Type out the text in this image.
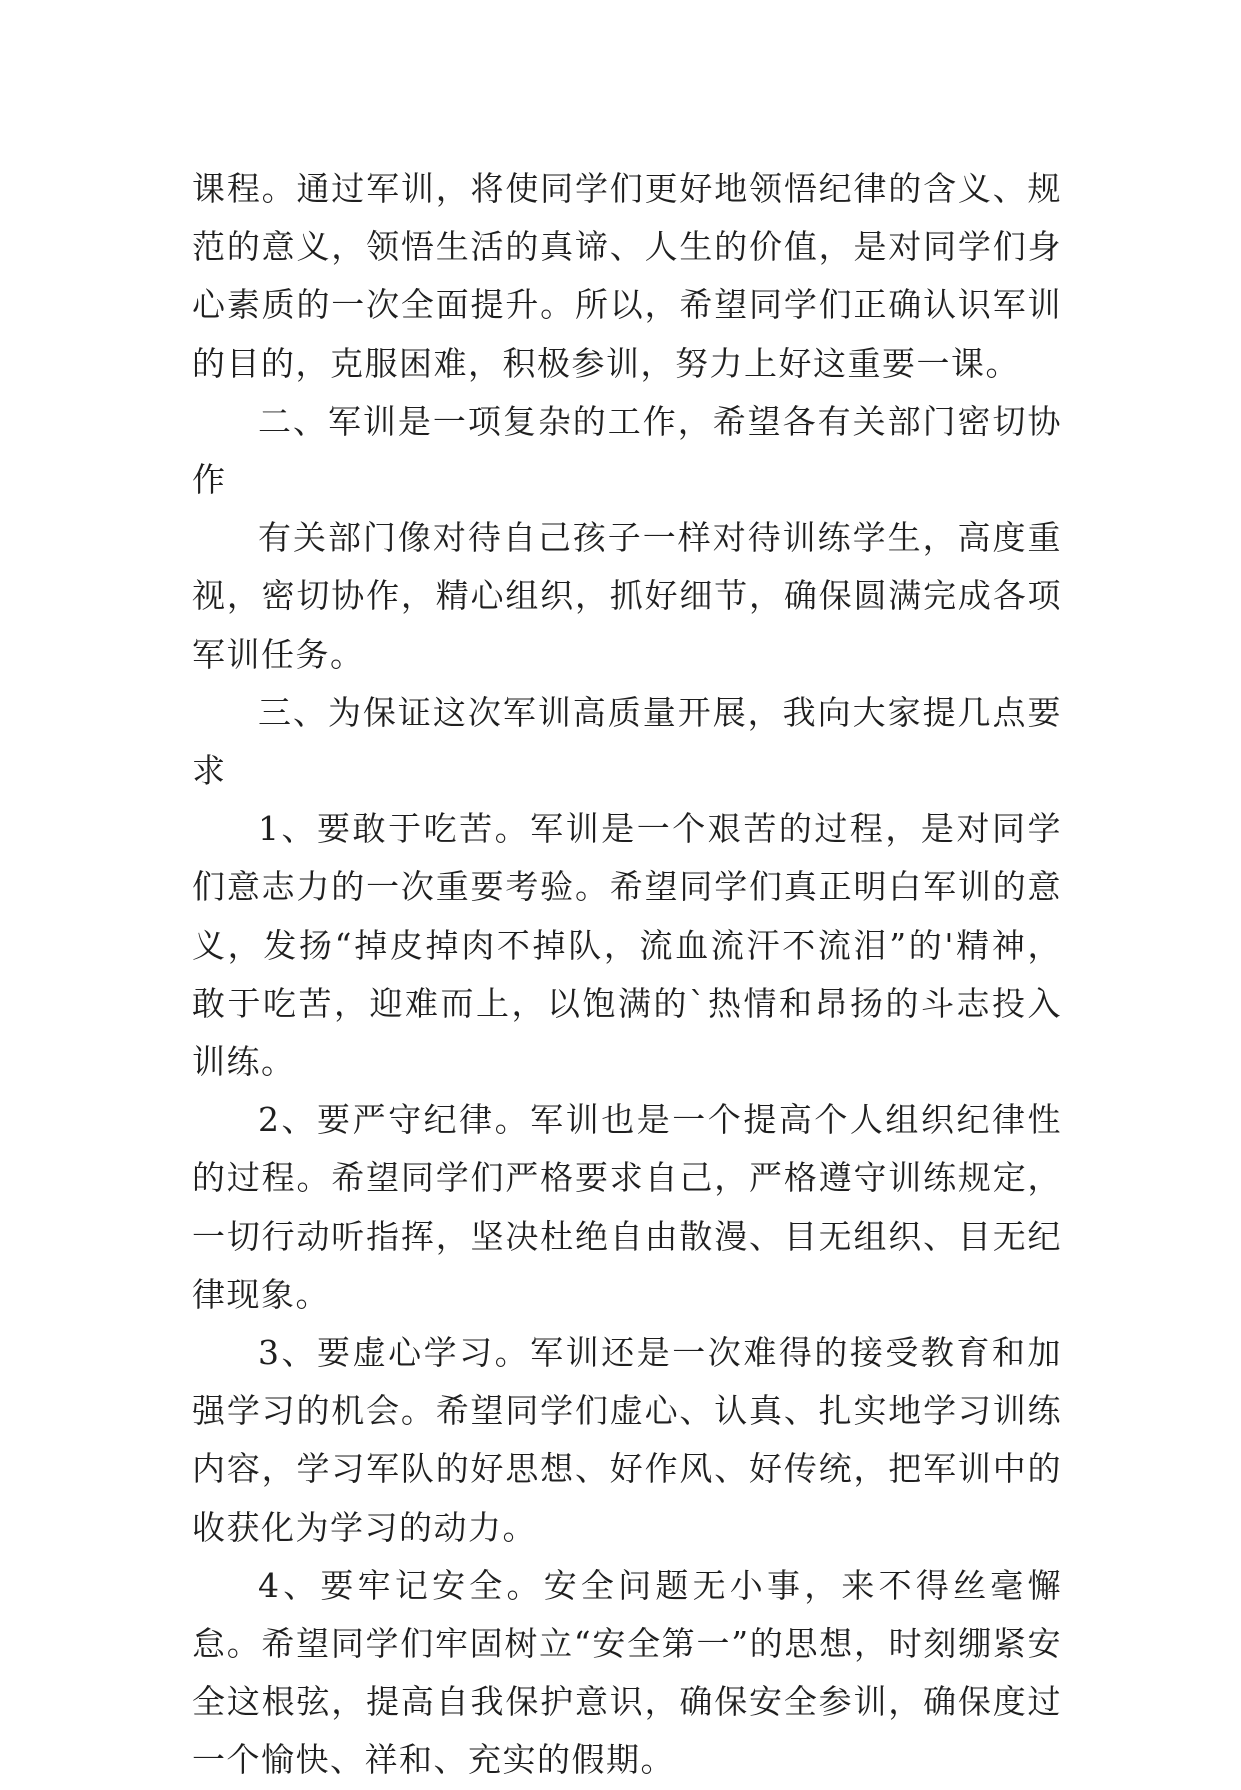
课程。通过军训，将使同学们更好地领悟纪律的含义、规范的意义，领悟生活的真谛、人生的价值，是对同学们身心素质的一次全面提升。所以，希望同学们正确认识军训的目的，克服困难，积极参训，努力上好这重要一课。

二、军训是一项复杂的工作，希望各有关部门密切协作

有关部门像对待自己孩子一样对待训练学生，高度重视，密切协作，精心组织，抓好细节，确保圆满完成各项军训任务。

三、为保证这次军训高质量开展，我向大家提几点要求

1、要敢于吃苦。军训是一个艰苦的过程，是对同学们意志力的一次重要考验。希望同学们真正明白军训的意义，发扬“掉皮掉肉不掉队，流血流汗不流泪”的'精神，敢于吃苦，迎难而上，以饱满的`热情和昂扬的斗志投入训练。

2、要严守纪律。军训也是一个提高个人组织纪律性的过程。希望同学们严格要求自己，严格遵守训练规定，一切行动听指挥，坚决杜绝自由散漫、目无组织、目无纪律现象。

3、要虚心学习。军训还是一次难得的接受教育和加强学习的机会。希望同学们虚心、认真、扎实地学习训练内容，学习军队的好思想、好作风、好传统，把军训中的收获化为学习的动力。

4、要牢记安全。安全问题无小事，来不得丝毫懈怠。希望同学们牢固树立“安全第一”的思想，时刻绷紧安全这根弦，提高自我保护意识，确保安全参训，确保度过一个愉快、祥和、充实的假期。
